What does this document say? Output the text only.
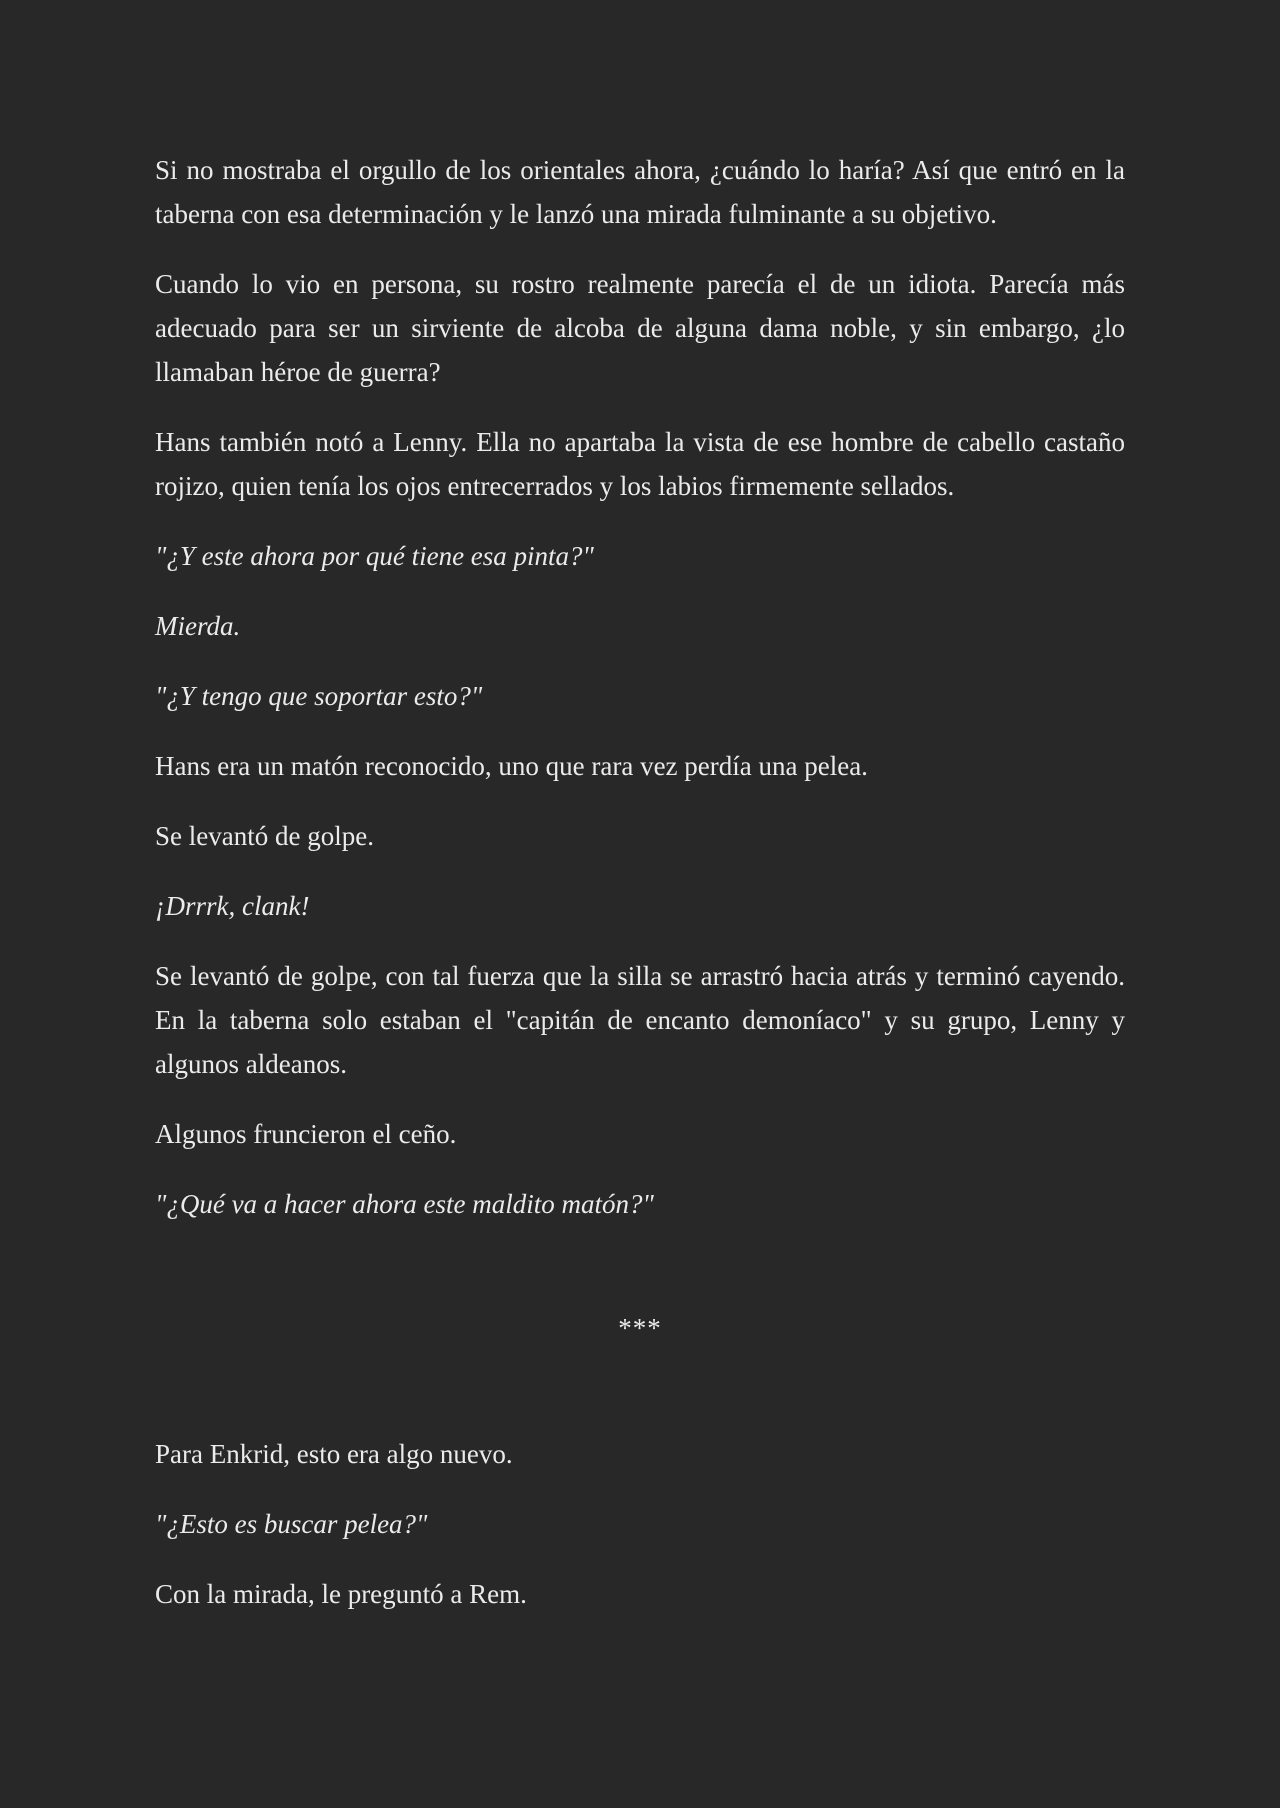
Si no mostraba el orgullo de los orientales ahora, ¿cuándo lo haría? Así que entró en la taberna con esa determinación y le lanzó una mirada fulminante a su objetivo.

Cuando lo vio en persona, su rostro realmente parecía el de un idiota. Parecía más adecuado para ser un sirviente de alcoba de alguna dama noble, y sin embargo, ¿lo llamaban héroe de guerra?

Hans también notó a Lenny. Ella no apartaba la vista de ese hombre de cabello castaño rojizo, quien tenía los ojos entrecerrados y los labios firmemente sellados.

"¿Y este ahora por qué tiene esa pinta?"

Mierda.

"¿Y tengo que soportar esto?"

Hans era un matón reconocido, uno que rara vez perdía una pelea.

Se levantó de golpe.

¡Drrrk, clank!

Se levantó de golpe, con tal fuerza que la silla se arrastró hacia atrás y terminó cayendo. En la taberna solo estaban el "capitán de encanto demoníaco" y su grupo, Lenny y algunos aldeanos.

Algunos fruncieron el ceño.

"¿Qué va a hacer ahora este maldito matón?"

***

Para Enkrid, esto era algo nuevo.

"¿Esto es buscar pelea?"

Con la mirada, le preguntó a Rem.
